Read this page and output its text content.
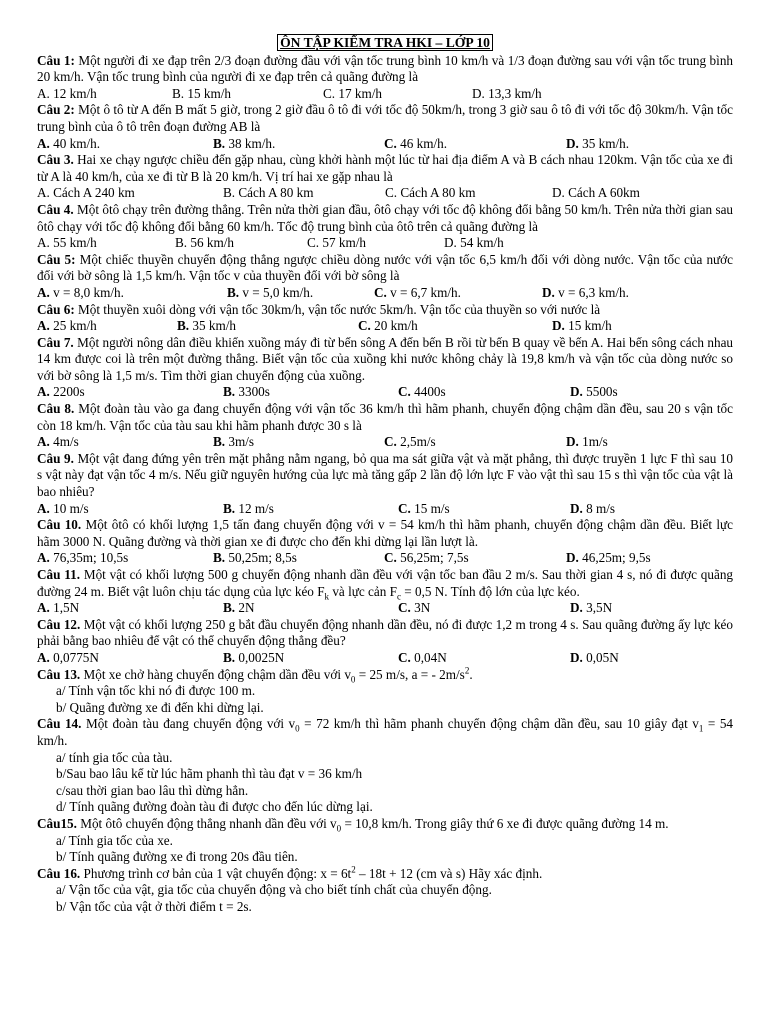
ÔN TẬP KIỂM TRA HKI – LỚP 10
Câu 1: Một người đi xe đạp trên 2/3 đoạn đường đầu với vận tốc trung bình 10 km/h và 1/3 đoạn đường sau với vận tốc trung bình 20 km/h. Vận tốc trung bình của người đi xe đạp trên cả quãng đường là
A. 12 km/h	B. 15 km/h	C. 17 km/h	D. 13,3 km/h
Câu 2: Một ô tô từ A đến B mất 5 giờ, trong 2 giờ đầu ô tô đi với tốc độ 50km/h, trong 3 giờ sau ô tô đi với tốc độ 30km/h. Vận tốc trung bình của ô tô trên đoạn đường AB là
A. 40 km/h.	B. 38 km/h.	C. 46 km/h.	D. 35 km/h.
Câu 3. Hai xe chạy ngược chiều đến gặp nhau, cùng khởi hành một lúc từ hai địa điểm A và B cách nhau 120km. Vận tốc của xe đi từ A là 40 km/h, của xe đi từ B là 20 km/h. Vị trí hai xe gặp nhau là
A. Cách A 240 km	B. Cách A 80 km	C. Cách A 80 km	D. Cách A 60km
Câu 4. Một ôtô chạy trên đường thẳng. Trên nửa thời gian đầu, ôtô chạy với tốc độ không đổi bằng 50 km/h. Trên nửa thời gian sau ôtô chạy với tốc độ không đổi bằng 60 km/h. Tốc độ trung bình của ôtô trên cả quãng đường là
A. 55 km/h	B. 56 km/h	C. 57 km/h	D. 54 km/h
Câu 5: Một chiếc thuyền chuyển động thẳng ngược chiều dòng nước với vận tốc 6,5 km/h đối với dòng nước. Vận tốc của nước đối với bờ sông là 1,5 km/h. Vận tốc v của thuyền đối với bờ sông là
A. v = 8,0 km/h.	B. v = 5,0 km/h.	C. v = 6,7 km/h.	D. v = 6,3 km/h.
Câu 6: Một thuyền xuôi dòng với vận tốc 30km/h, vận tốc nước 5km/h. Vận tốc của thuyền so với nước là
A. 25 km/h	B. 35 km/h	C. 20 km/h	D. 15 km/h
Câu 7. Một người nông dân điều khiển xuồng máy đi từ bến sông A đến bến B rồi từ bến B quay về bến A. Hai bến sông cách nhau 14 km được coi là trên một đường thẳng. Biết vận tốc của xuồng khi nước không chảy là 19,8 km/h và vận tốc của dòng nước so với bờ sông là 1,5 m/s. Tìm thời gian chuyển động của xuồng.
A. 2200s	B. 3300s	C. 4400s	D. 5500s
Câu 8. Một đoàn tàu vào ga đang chuyển động với vận tốc 36 km/h thì hãm phanh, chuyển động chậm dần đều, sau 20 s vận tốc còn 18 km/h. Vận tốc của tàu sau khi hãm phanh được 30 s là
A. 4m/s	B. 3m/s	C. 2,5m/s	D. 1m/s
Câu 9. Một vật đang đứng yên trên mặt phẳng nằm ngang, bỏ qua ma sát giữa vật và mặt phẳng, thì được truyền 1 lực F thì sau 10 s vật này đạt vận tốc 4 m/s. Nếu giữ nguyên hướng của lực mà tăng gấp 2 lần độ lớn lực F vào vật thì sau 15 s thì vận tốc của vật là bao nhiêu?
A. 10 m/s	B. 12 m/s	C. 15 m/s	D. 8 m/s
Câu 10. Một ôtô có khối lượng 1,5 tấn đang chuyển động với v = 54 km/h thì hãm phanh, chuyển động chậm dần đều. Biết lực hãm 3000 N. Quãng đường và thời gian xe đi được cho đến khi dừng lại lần lượt là.
A. 76,35m; 10,5s	B. 50,25m; 8,5s	C. 56,25m; 7,5s	D. 46,25m; 9,5s
Câu 11. Một vật có khối lượng 500 g chuyển động nhanh dần đều với vận tốc ban đầu 2 m/s. Sau thời gian 4 s, nó đi được quãng đường 24 m. Biết vật luôn chịu tác dụng của lực kéo $F_k$ và lực cản $F_c = 0,5$ N. Tính độ lớn của lực kéo.
A. 1,5N	B. 2N	C. 3N	D. 3,5N
Câu 12. Một vật có khối lượng 250 g bắt đầu chuyển động nhanh dần đều, nó đi được 1,2 m trong 4 s. Sau quãng đường ấy lực kéo phải bằng bao nhiêu để vật có thể chuyển động thẳng đều?
A. 0,0775N	B. 0,0025N	C. 0,04N	D. 0,05N
Câu 13. Một xe chở hàng chuyển động chậm dần đều với $v_0 = 25$ m/s, a = - $2m/s^2$.
a/ Tính vận tốc khi nó đi được 100 m.
b/ Quãng đường xe đi đến khi dừng lại.
Câu 14. Một đoàn tàu đang chuyển động với $v_0 = 72$ km/h thì hãm phanh chuyển động chậm dần đều, sau 10 giây đạt $v_1 = 54$ km/h.
a/ tính gia tốc của tàu.
b/Sau bao lâu kể từ lúc hãm phanh thì tàu đạt v = 36 km/h
c/sau thời gian bao lâu thì dừng hẳn.
d/ Tính quãng đường đoàn tàu đi được cho đến lúc dừng lại.
Câu15. Một ôtô chuyển động thẳng nhanh dần đều với $v_0 = 10,8$ km/h. Trong giây thứ 6 xe đi được quãng đường 14 m.
a/ Tính gia tốc của xe.
b/ Tính quãng đường xe đi trong 20s đầu tiên.
Câu 16. Phương trình cơ bản của 1 vật chuyển động: $x = 6t^2 - 18t + 12$ (cm và s) Hãy xác định.
a/ Vận tốc của vật, gia tốc của chuyển động và cho biết tính chất của chuyển động.
b/ Vận tốc của vật ở thời điểm t = 2s.
